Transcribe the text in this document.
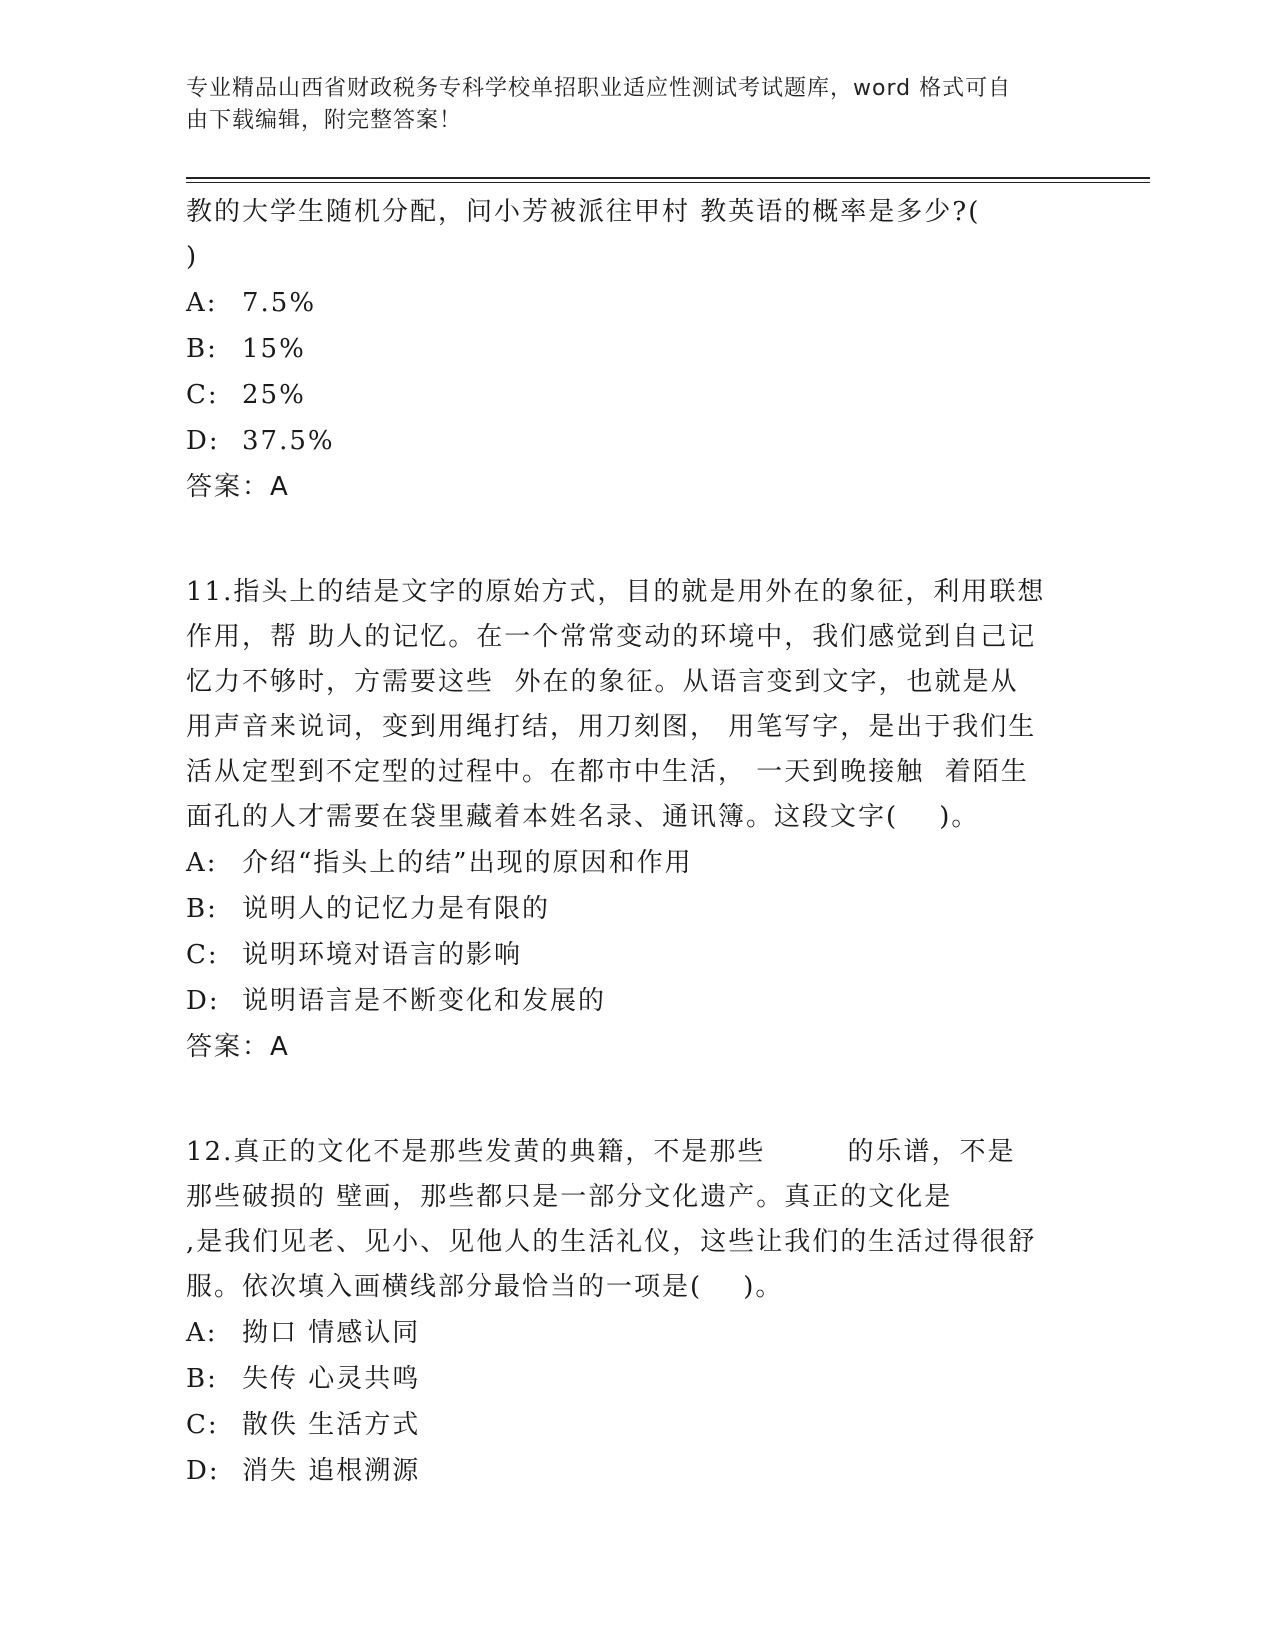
专业精品山西省财政税务专科学校单招职业适应性测试考试题库，word 格式可自
由下载编辑，附完整答案！
教的大学生随机分配，问小芳被派往甲村 教英语的概率是多少?(
)
A: 7.5%
B: 15%
C: 25%
D: 37.5%
答案：A
11.指头上的结是文字的原始方式，目的就是用外在的象征，利用联想
作用，帮 助人的记忆。在一个常常变动的环境中，我们感觉到自己记
忆力不够时，方需要这些  外在的象征。从语言变到文字，也就是从
用声音来说词，变到用绳打结，用刀刻图， 用笔写字，是出于我们生
活从定型到不定型的过程中。在都市中生活， 一天到晚接触  着陌生
面孔的人才需要在袋里藏着本姓名录、通讯簿。这段文字(    )。
A: 介绍“指头上的结”出现的原因和作用
B: 说明人的记忆力是有限的
C: 说明环境对语言的影响
D: 说明语言是不断变化和发展的
答案：A
12.真正的文化不是那些发黄的典籍，不是那些        的乐谱，不是
那些破损的 壁画，那些都只是一部分文化遗产。真正的文化是
,是我们见老、见小、见他人的生活礼仪，这些让我们的生活过得很舒
服。依次填入画横线部分最恰当的一项是(    )。
A: 拗口 情感认同
B: 失传 心灵共鸣
C: 散佚 生活方式
D: 消失 追根溯源
